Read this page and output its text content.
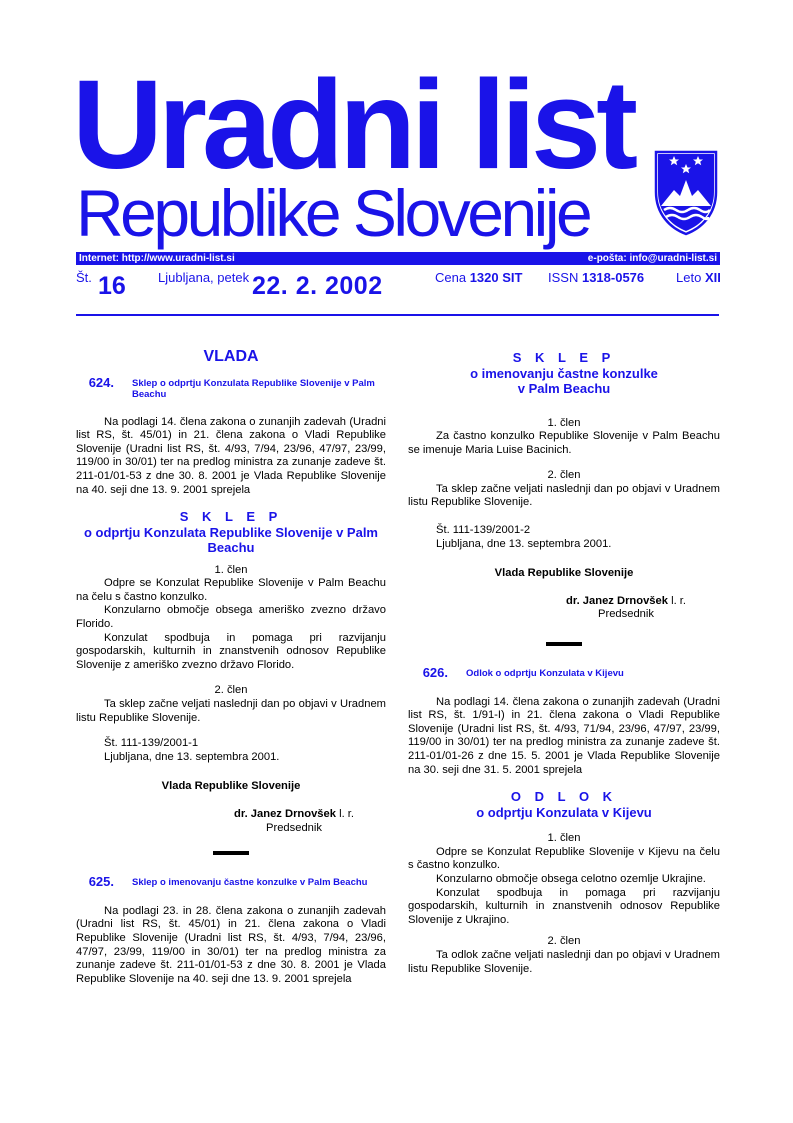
Uradni list
Republike Slovenije
Internet: http://www.uradni-list.si	e-pošta: info@uradni-list.si
Št. 16 Ljubljana, petek 22. 2. 2002	Cena 1320 SIT ISSN 1318-0576 Leto XII
VLADA
624.	Sklep o odprtju Konzulata Republike Slovenije v Palm Beachu

Na podlagi 14. člena zakona o zunanjih zadevah (Uradni list RS, št. 45/01) in 21. člena zakona o Vladi Republike Slovenije (Uradni list RS, št. 4/93, 7/94, 23/96, 47/97, 23/99, 119/00 in 30/01) ter na predlog ministra za zunanje zadeve št. 211-01/01-53 z dne 30. 8. 2001 je Vlada Republike Slovenije na 40. seji dne 13. 9. 2001 sprejela

S K L E P
o odprtju Konzulata Republike Slovenije v Palm Beachu
1. člen

Odpre se Konzulat Republike Slovenije v Palm Beachu na čelu s častno konzulko.

Konzularno območje obsega ameriško zvezno državo Florido.

Konzulat spodbuja in pomaga pri razvijanju gospodarskih, kulturnih in znanstvenih odnosov Republike Slovenije z ameriško zvezno državo Florido.

2. člen

Ta sklep začne veljati naslednji dan po objavi v Uradnem listu Republike Slovenije.

Št. 111-139/2001-1

Ljubljana, dne 13. septembra 2001.

Vlada Republike Slovenije
dr. Janez Drnovšek l. r.
Predsednik
625.	Sklep o imenovanju častne konzulke v Palm Beachu

Na podlagi 23. in 28. člena zakona o zunanjih zadevah (Uradni list RS, št. 45/01) in 21. člena zakona o Vladi Republike Slovenije (Uradni list RS, št. 4/93, 7/94, 23/96, 47/97, 23/99, 119/00 in 30/01) ter na predlog ministra za zunanje zadeve št. 211-01/01-53 z dne 30. 8. 2001 je Vlada Republike Slovenije na 40. seji dne 13. 9. 2001 sprejela

S K L E P
o imenovanju častne konzulke v Palm Beachu
1. člen

Za častno konzulko Republike Slovenije v Palm Beachu se imenuje Maria Luise Bacinich.

2. člen

Ta sklep začne veljati naslednji dan po objavi v Uradnem listu Republike Slovenije.

Št. 111-139/2001-2

Ljubljana, dne 13. septembra 2001.

Vlada Republike Slovenije
dr. Janez Drnovšek l. r.
Predsednik
626.	Odlok o odprtju Konzulata v Kijevu

Na podlagi 14. člena zakona o zunanjih zadevah (Uradni list RS, št. 1/91-I) in 21. člena zakona o Vladi Republike Slovenije (Uradni list RS, št. 4/93, 71/94, 23/96, 47/97, 23/99, 119/00 in 30/01) ter na predlog ministra za zunanje zadeve št. 211-01/01-26 z dne 15. 5. 2001 je Vlada Republike Slovenije na 30. seji dne 31. 5. 2001 sprejela

O D L O K
o odprtju Konzulata v Kijevu
1. člen

Odpre se Konzulat Republike Slovenije v Kijevu na čelu s častno konzulko.

Konzularno območje obsega celotno ozemlje Ukrajine.

Konzulat spodbuja in pomaga pri razvijanju gospodarskih, kulturnih in znanstvenih odnosov Republike Slovenije z Ukrajino.

2. člen

Ta odlok začne veljati naslednji dan po objavi v Uradnem listu Republike Slovenije.
